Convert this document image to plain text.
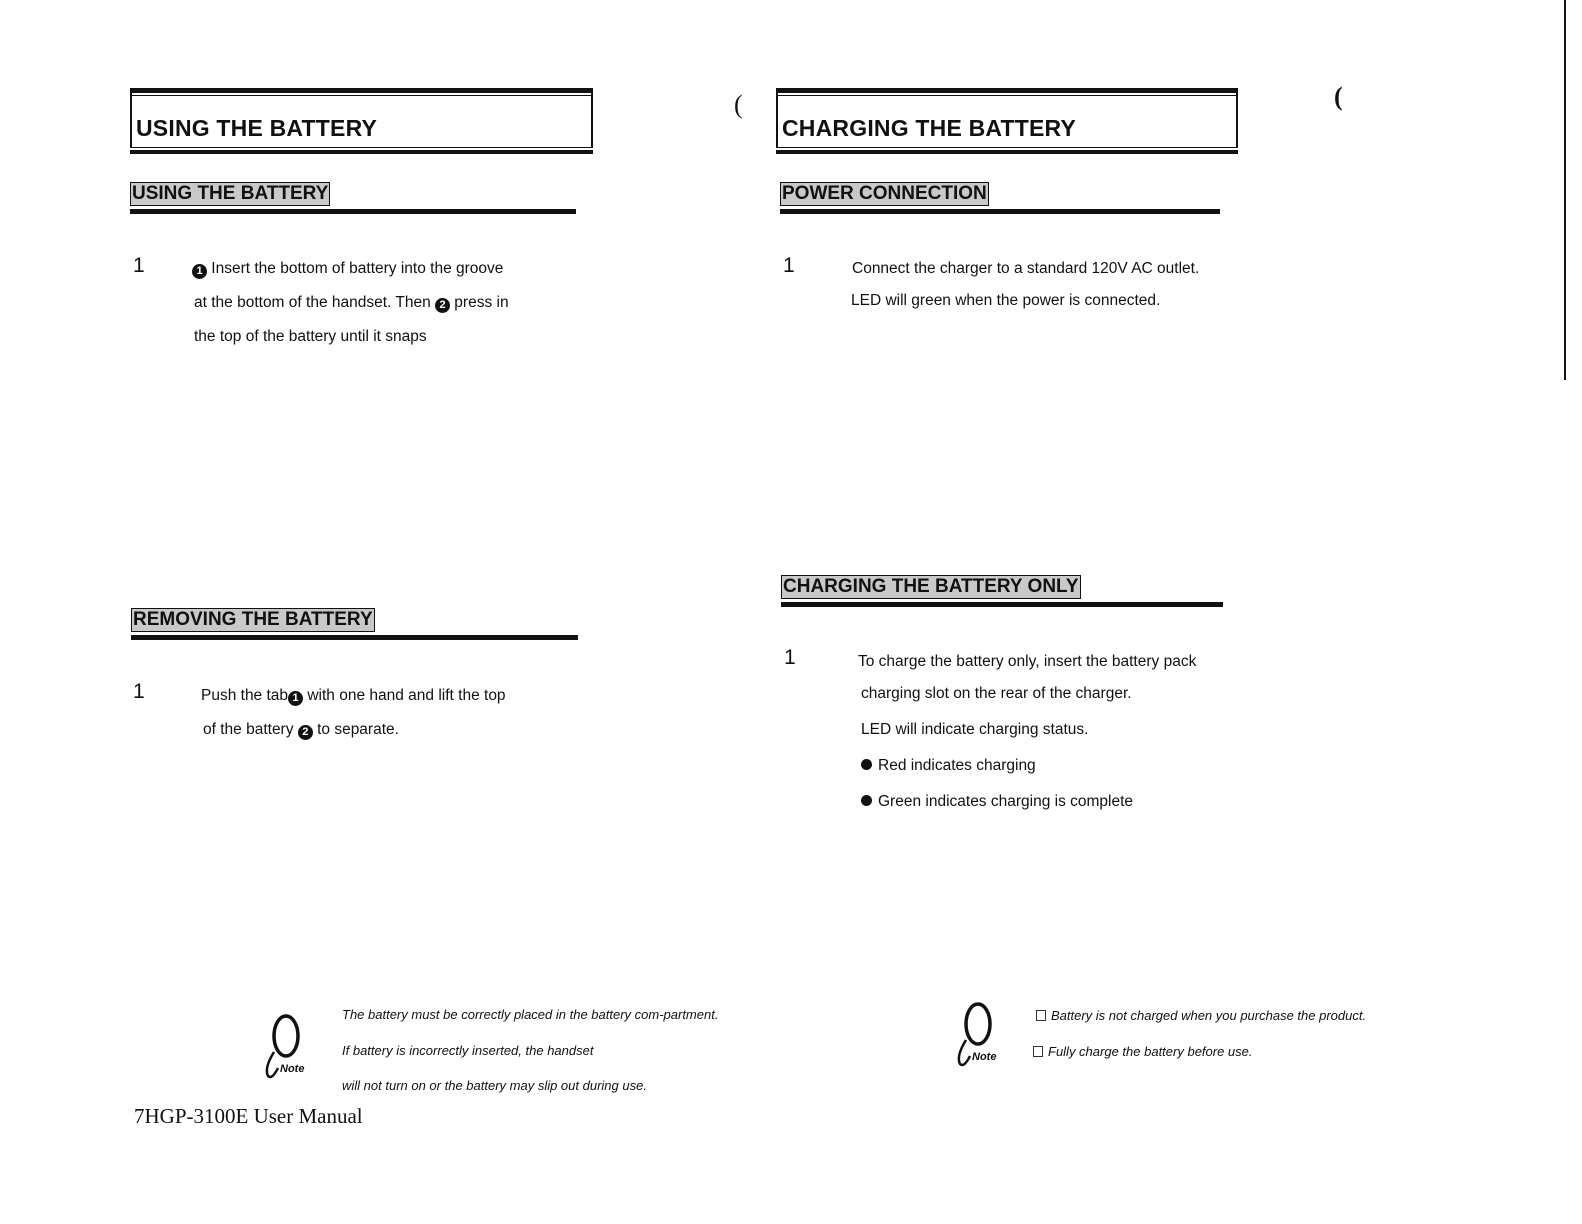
USING THE BATTERY
USING THE BATTERY
1	1 Insert the bottom of battery into the groove
at the bottom of the handset. Then 2 press in
the top of the battery until it snaps
REMOVING THE BATTERY
1	Push the tab 1 with one hand and lift the top
of the battery 2 to separate.
Note
The battery must be correctly placed in the battery com-partment.
If battery is incorrectly inserted, the handset
will not turn on or the battery may slip out during use.
7HGP-3100E User Manual
CHARGING THE BATTERY
POWER CONNECTION
1	Connect the charger to a standard 120V AC outlet.
LED will green when the power is connected.
CHARGING THE BATTERY ONLY
1	To charge the battery only, insert the battery pack
charging slot on the rear of the charger.
LED will indicate charging status.
Red indicates charging
Green indicates charging is complete
Note
Battery is not charged when you purchase the product.
Fully charge the battery before use.
(	(
